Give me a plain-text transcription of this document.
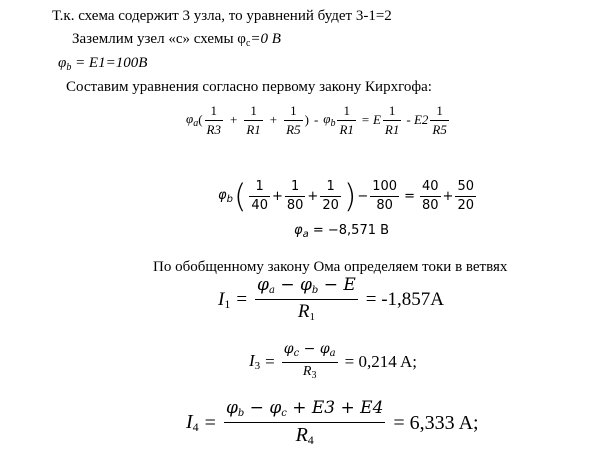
Т.к. схема содержит 3 узла, то уравнений будет 3-1=2
Заземлим узел «c» схемы $\varphi_c=0$ В
$\varphi_b = E1=100В$
Составим уравнения согласно первому закону Кирхгофа:
$\varphi_a$ ( $\frac{1}{R3} + \frac{1}{R1} + \frac{1}{R5}$ ) - $\varphi_b \frac{1}{R1} = E \frac{1}{R1} - E2 \frac{1}{R5}$
$\varphi_b$ ( $\frac{1}{40} + \frac{1}{80} + \frac{1}{20}$ ) − $\frac{100}{80} = \frac{40}{80} + \frac{50}{20}$
$\varphi_a = -8,571$ В
По обобщенному закону Ома определяем токи в ветвях
$I_1 = \frac{\varphi_a - \varphi_b - E}{R_1} = -1,857A$
$I_3 = \frac{\varphi_c - \varphi_a}{R_3} = 0,214$ A;
$I_4 = \frac{\varphi_b - \varphi_c + E3 + E4}{R_4} = 6,333$ A;
